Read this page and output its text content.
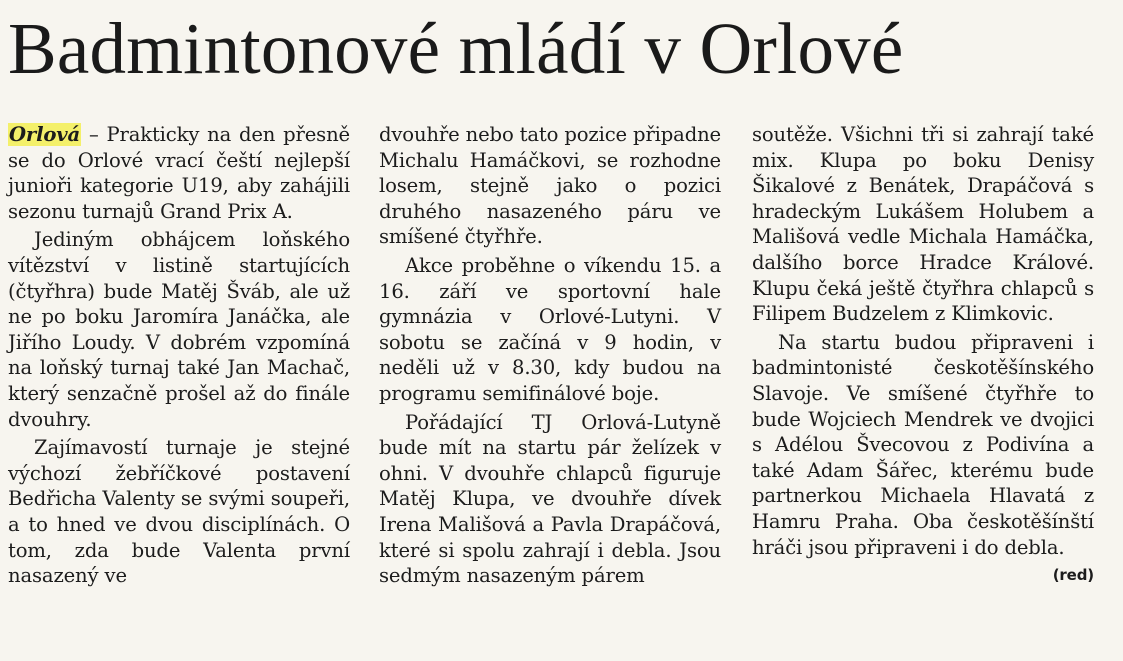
Badmintonové mládí v Orlové

Orlová – Prakticky na den přesně se do Orlové vrací čeští nejlepší junioři kategorie U19, aby zahájili sezonu turnajů Grand Prix A.

Jediným obhájcem loňského vítězství v listině startujících (čtyřhra) bude Matěj Šváb, ale už ne po boku Jaromíra Janáčka, ale Jiřího Loudy. V dobrém vzpomíná na loňský turnaj také Jan Machač, který senzačně prošel až do finále dvouhry.

Zajímavostí turnaje je stejné výchozí žebříčkové postavení Bedřicha Valenty se svými soupeři, a to hned ve dvou disciplínách. O tom, zda bude Valenta první nasazený ve

dvouhře nebo tato pozice připadne Michalu Hamáčkovi, se rozhodne losem, stejně jako o pozici druhého nasazeného páru ve smíšené čtyřhře.

Akce proběhne o víkendu 15. a 16. září ve sportovní hale gymnázia v Orlové-Lutyni. V sobotu se začíná v 9 hodin, v neděli už v 8.30, kdy budou na programu semifinálové boje.

Pořádající TJ Orlová-Lutyně bude mít na startu pár želízek v ohni. V dvouhře chlapců figuruje Matěj Klupa, ve dvouhře dívek Irena Mališová a Pavla Drapáčová, které si spolu zahrají i debla. Jsou sedmým nasazeným párem

soutěže. Všichni tři si zahrají také mix. Klupa po boku Denisy Šikalové z Benátek, Drapáčová s hradeckým Lukášem Holubem a Mališová vedle Michala Hamáčka, dalšího borce Hradce Králové. Klupu čeká ještě čtyřhra chlapců s Filipem Budzelem z Klimkovic.

Na startu budou připraveni i badmintonisté českotěšínského Slavoje. Ve smíšené čtyřhře to bude Wojciech Mendrek ve dvojici s Adélou Švecovou z Podivína a také Adam Šářec, kterému bude partnerkou Michaela Hlavatá z Hamru Praha. Oba českotěšínští hráči jsou připraveni i do debla.
(red)
